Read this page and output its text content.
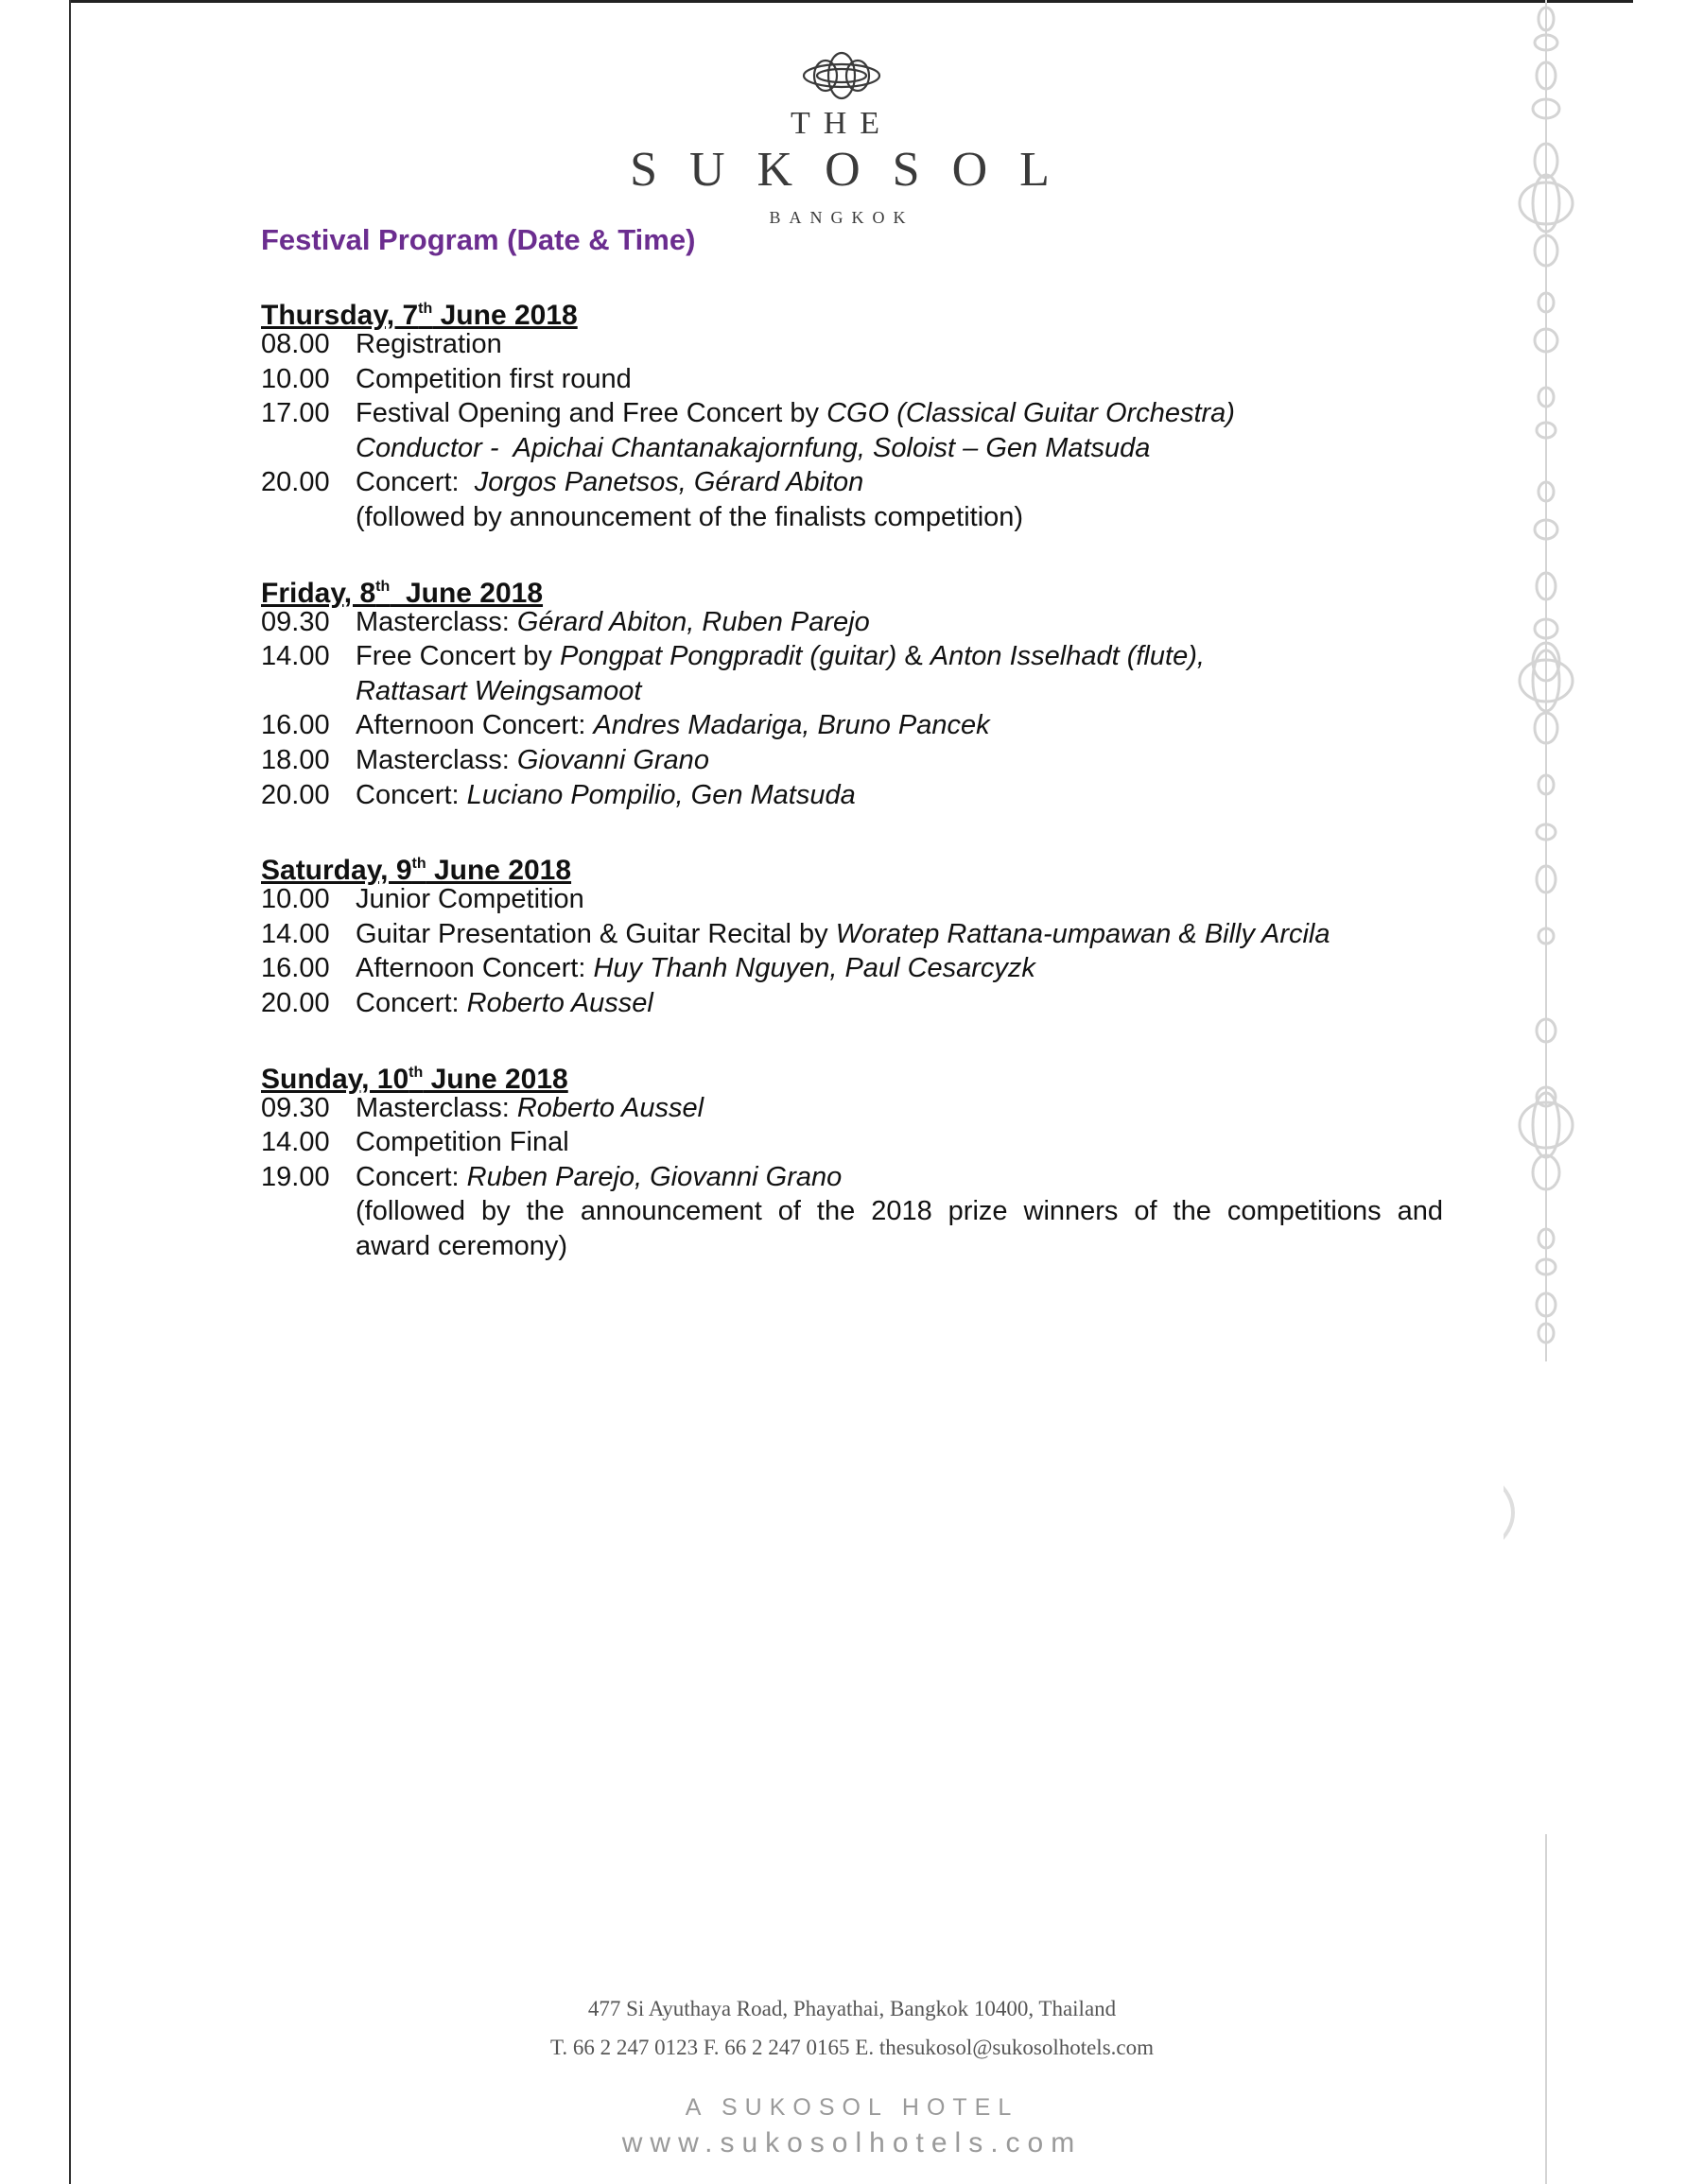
THE
SUKOSOL
BANGKOK
Festival Program (Date & Time)
Thursday, 7th June 2018
08.00 Registration
10.00 Competition first round
17.00 Festival Opening and Free Concert by CGO (Classical Guitar Orchestra)
Conductor -  Apichai Chantanakajornfung, Soloist – Gen Matsuda
20.00 Concert:  Jorgos Panetsos, Gérard Abiton
(followed by announcement of the finalists competition)
Friday, 8th  June 2018
09.30 Masterclass: Gérard Abiton, Ruben Parejo
14.00 Free Concert by Pongpat Pongpradit (guitar) & Anton Isselhadt (flute),
Rattasart Weingsamoot
16.00 Afternoon Concert: Andres Madariga, Bruno Pancek
18.00 Masterclass: Giovanni Grano
20.00 Concert: Luciano Pompilio, Gen Matsuda
Saturday, 9th June 2018
10.00 Junior Competition
14.00 Guitar Presentation & Guitar Recital by Woratep Rattana-umpawan & Billy Arcila
16.00 Afternoon Concert: Huy Thanh Nguyen, Paul Cesarcyzk
20.00 Concert: Roberto Aussel
Sunday, 10th June 2018
09.30 Masterclass: Roberto Aussel
14.00 Competition Final
19.00 Concert: Ruben Parejo, Giovanni Grano
(followed by the announcement of the 2018 prize winners of the competitions and
award ceremony)
477 Si Ayuthaya Road, Phayathai, Bangkok 10400, Thailand
T. 66 2 247 0123 F. 66 2 247 0165 E. thesukosol@sukosolhotels.com
A SUKOSOL HOTEL
www.sukosolhotels.com
